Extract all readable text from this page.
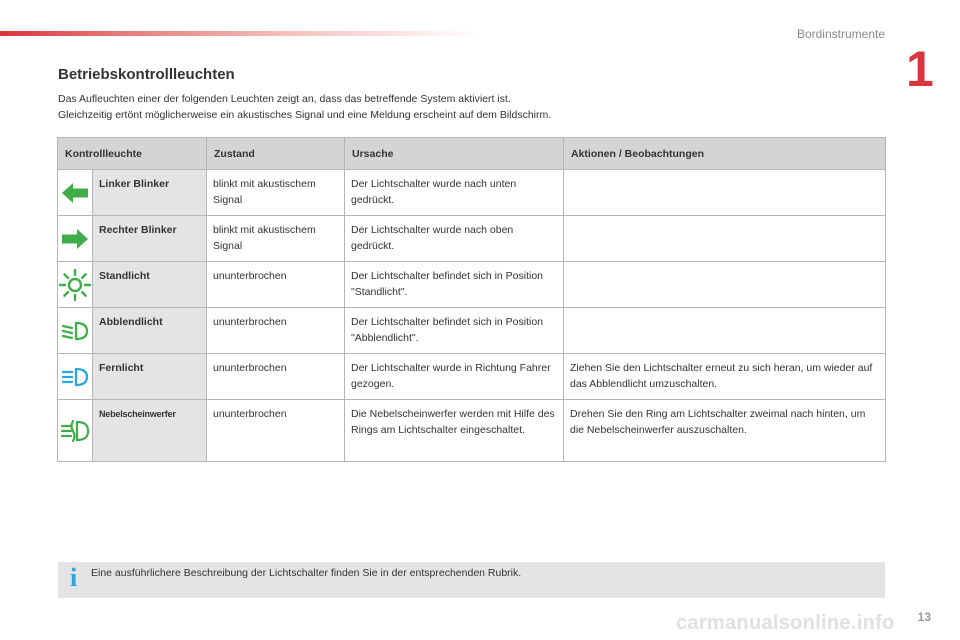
Bordinstrumente
1
Betriebskontrollleuchten

Das Aufleuchten einer der folgenden Leuchten zeigt an, dass das betreffende System aktiviert ist.

Gleichzeitig ertönt möglicherweise ein akustisches Signal und eine Meldung erscheint auf dem Bildschirm.

Kontrollleuchte		Zustand	Ursache	Aktionen / Beobachtungen

	Linker Blinker	blinkt mit akustischem Signal	Der Lichtschalter wurde nach unten gedrückt.	

	Rechter Blinker	blinkt mit akustischem Signal	Der Lichtschalter wurde nach oben gedrückt.	

	Standlicht	ununterbrochen	Der Lichtschalter befindet sich in Position "Standlicht".	

	Abblendlicht	ununterbrochen	Der Lichtschalter befindet sich in Position "Abblendlicht".	

	Fernlicht	ununterbrochen	Der Lichtschalter wurde in Richtung Fahrer gezogen.	Ziehen Sie den Lichtschalter erneut zu sich heran, um wieder auf das Abblendlicht umzuschalten.

	Nebelscheinwerfer	ununterbrochen	Die Nebelscheinwerfer werden mit Hilfe des Rings am Lichtschalter eingeschaltet.	Drehen Sie den Ring am Lichtschalter zweimal nach hinten, um die Nebelscheinwerfer auszuschalten.
i Eine ausführlichere Beschreibung der Lichtschalter finden Sie in der entsprechenden Rubrik.
carmanualsonline.info 13
